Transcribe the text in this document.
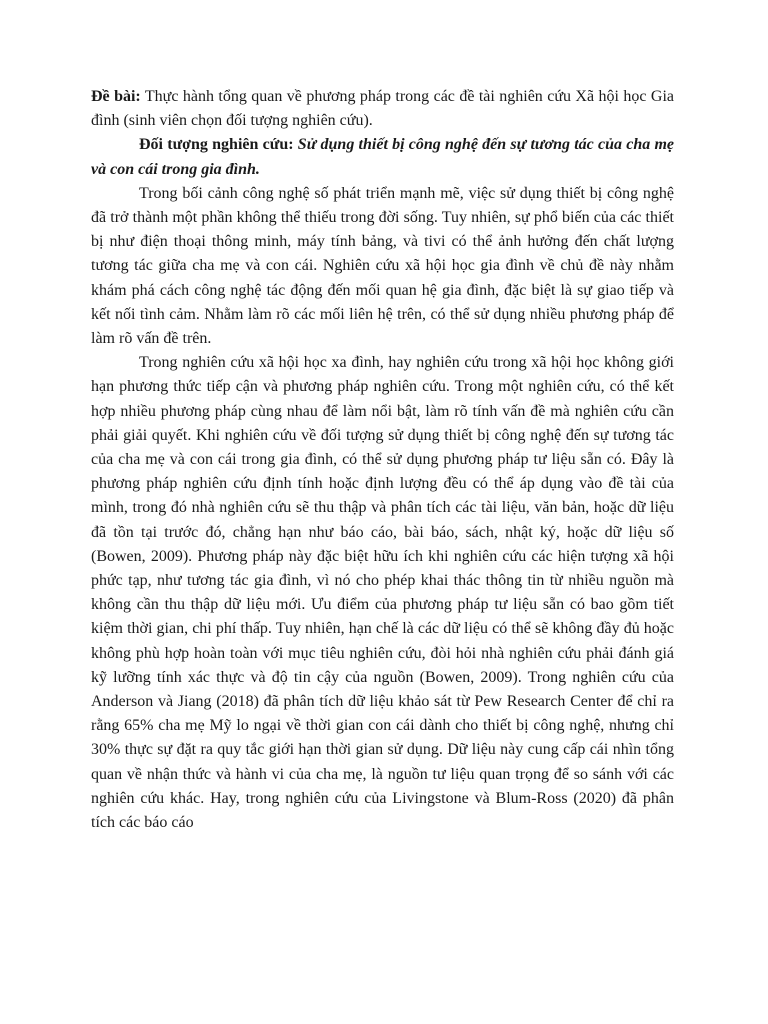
Đề bài: Thực hành tổng quan về phương pháp trong các đề tài nghiên cứu Xã hội học Gia đình (sinh viên chọn đối tượng nghiên cứu).

Đối tượng nghiên cứu: Sử dụng thiết bị công nghệ đến sự tương tác của cha mẹ và con cái trong gia đình.

Trong bối cảnh công nghệ số phát triển mạnh mẽ, việc sử dụng thiết bị công nghệ đã trở thành một phần không thể thiếu trong đời sống. Tuy nhiên, sự phổ biến của các thiết bị như điện thoại thông minh, máy tính bảng, và tivi có thể ảnh hưởng đến chất lượng tương tác giữa cha mẹ và con cái. Nghiên cứu xã hội học gia đình về chủ đề này nhằm khám phá cách công nghệ tác động đến mối quan hệ gia đình, đặc biệt là sự giao tiếp và kết nối tình cảm. Nhằm làm rõ các mối liên hệ trên, có thể sử dụng nhiều phương pháp để làm rõ vấn đề trên.

Trong nghiên cứu xã hội học xa đình, hay nghiên cứu trong xã hội học không giới hạn phương thức tiếp cận và phương pháp nghiên cứu. Trong một nghiên cứu, có thể kết hợp nhiều phương pháp cùng nhau để làm nổi bật, làm rõ tính vấn đề mà nghiên cứu cần phải giải quyết. Khi nghiên cứu về đối tượng sử dụng thiết bị công nghệ đến sự tương tác của cha mẹ và con cái trong gia đình, có thể sử dụng phương pháp tư liệu sẵn có. Đây là phương pháp nghiên cứu định tính hoặc định lượng đều có thể áp dụng vào đề tài của mình, trong đó nhà nghiên cứu sẽ thu thập và phân tích các tài liệu, văn bản, hoặc dữ liệu đã tồn tại trước đó, chẳng hạn như báo cáo, bài báo, sách, nhật ký, hoặc dữ liệu số (Bowen, 2009). Phương pháp này đặc biệt hữu ích khi nghiên cứu các hiện tượng xã hội phức tạp, như tương tác gia đình, vì nó cho phép khai thác thông tin từ nhiều nguồn mà không cần thu thập dữ liệu mới. Ưu điểm của phương pháp tư liệu sẵn có bao gồm tiết kiệm thời gian, chi phí thấp. Tuy nhiên, hạn chế là các dữ liệu có thể sẽ không đầy đủ hoặc không phù hợp hoàn toàn với mục tiêu nghiên cứu, đòi hỏi nhà nghiên cứu phải đánh giá kỹ lưỡng tính xác thực và độ tin cậy của nguồn (Bowen, 2009). Trong nghiên cứu của Anderson và Jiang (2018) đã phân tích dữ liệu khảo sát từ Pew Research Center để chỉ ra rằng 65% cha mẹ Mỹ lo ngại về thời gian con cái dành cho thiết bị công nghệ, nhưng chỉ 30% thực sự đặt ra quy tắc giới hạn thời gian sử dụng. Dữ liệu này cung cấp cái nhìn tổng quan về nhận thức và hành vi của cha mẹ, là nguồn tư liệu quan trọng để so sánh với các nghiên cứu khác. Hay, trong nghiên cứu của Livingstone và Blum-Ross (2020) đã phân tích các báo cáo
